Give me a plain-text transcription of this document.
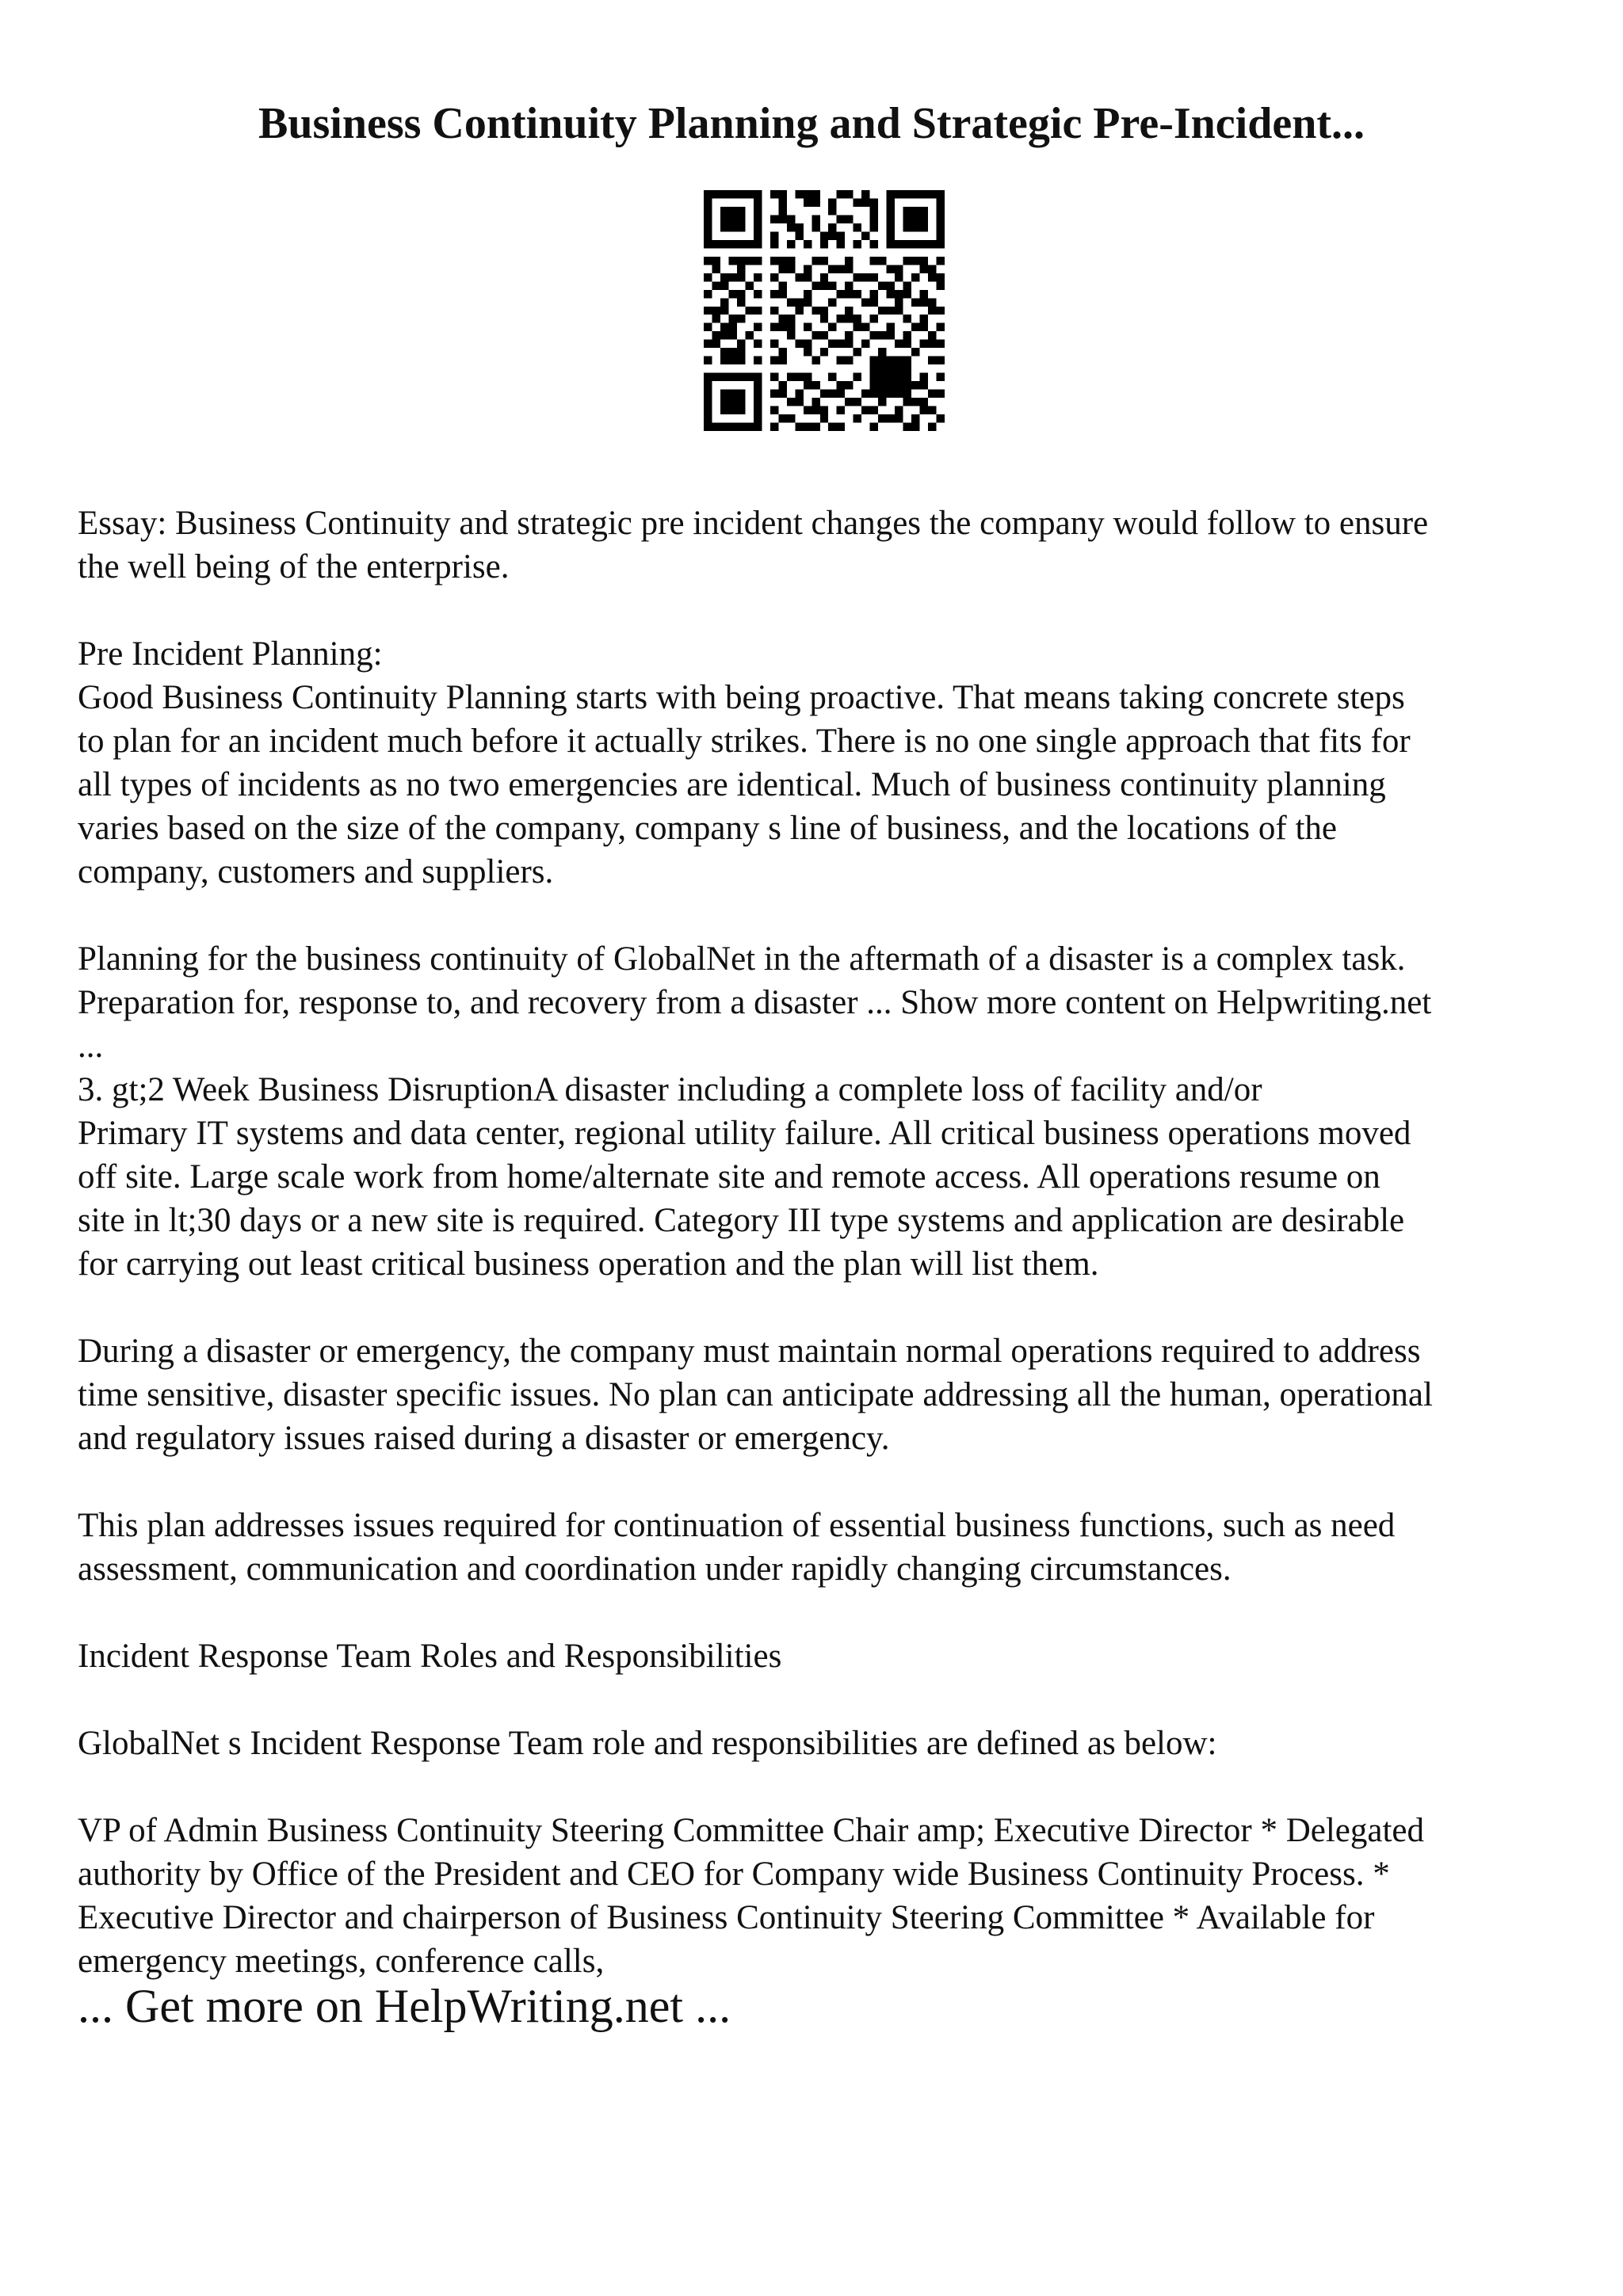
Business Continuity Planning and Strategic Pre-Incident...

Essay: Business Continuity and strategic pre incident changes the company would follow to ensure
the well being of the enterprise.

Pre Incident Planning:
Good Business Continuity Planning starts with being proactive. That means taking concrete steps
to plan for an incident much before it actually strikes. There is no one single approach that fits for
all types of incidents as no two emergencies are identical. Much of business continuity planning
varies based on the size of the company, company s line of business, and the locations of the
company, customers and suppliers.

Planning for the business continuity of GlobalNet in the aftermath of a disaster is a complex task.
Preparation for, response to, and recovery from a disaster ... Show more content on Helpwriting.net
...
3. gt;2 Week Business DisruptionA disaster including a complete loss of facility and/or
Primary IT systems and data center, regional utility failure. All critical business operations moved
off site. Large scale work from home/alternate site and remote access. All operations resume on
site in lt;30 days or a new site is required. Category III type systems and application are desirable
for carrying out least critical business operation and the plan will list them.

During a disaster or emergency, the company must maintain normal operations required to address
time sensitive, disaster specific issues. No plan can anticipate addressing all the human, operational
and regulatory issues raised during a disaster or emergency.

This plan addresses issues required for continuation of essential business functions, such as need
assessment, communication and coordination under rapidly changing circumstances.

Incident Response Team Roles and Responsibilities

GlobalNet s Incident Response Team role and responsibilities are defined as below:

VP of Admin Business Continuity Steering Committee Chair amp; Executive Director * Delegated
authority by Office of the President and CEO for Company wide Business Continuity Process. *
Executive Director and chairperson of Business Continuity Steering Committee * Available for
emergency meetings, conference calls,

... Get more on HelpWriting.net ...
